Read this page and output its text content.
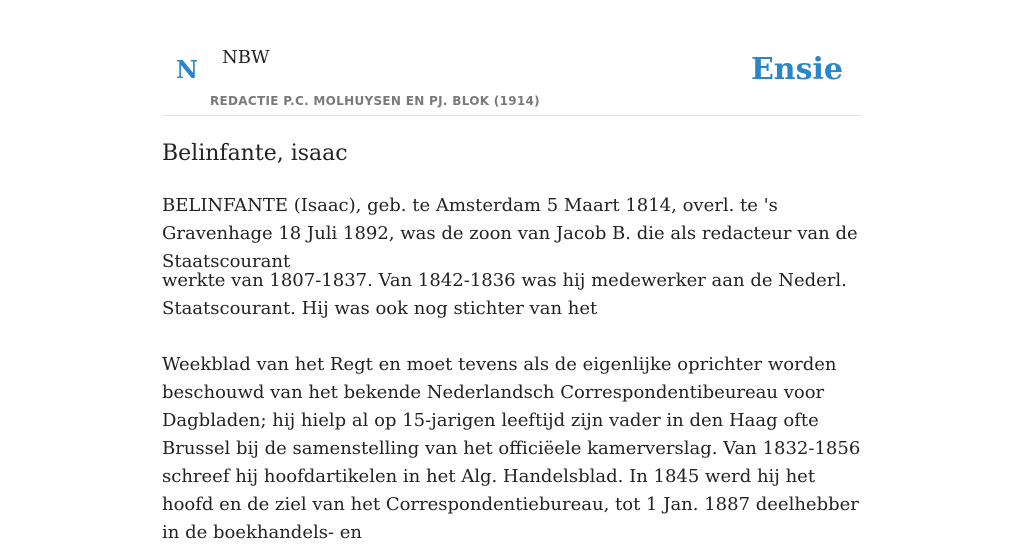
N NBW
REDACTIE P.C. MOLHUYSEN EN PJ. BLOK (1914)
Ensie
Belinfante, isaac

BELINFANTE (Isaac), geb. te Amsterdam 5 Maart 1814, overl. te 's Gravenhage 18 Juli 1892, was de zoon van Jacob B. die als redacteur van de Staatscourant

werkte van 1807-1837. Van 1842-1836 was hij medewerker aan de Nederl. Staatscourant. Hij was ook nog stichter van het

Weekblad van het Regt en moet tevens als de eigenlijke oprichter worden beschouwd van het bekende Nederlandsch Correspondentibeureau voor Dagbladen; hij hielp al op 15-jarigen leeftijd zijn vader in den Haag ofte Brussel bij de samenstelling van het officiëele kamerverslag. Van 1832-1856 schreef hij hoofdartikelen in het Alg. Handelsblad. In 1845 werd hij het hoofd en de ziel van het Correspondentiebureau, tot 1 Jan. 1887 deelhebber in de boekhandels- en
